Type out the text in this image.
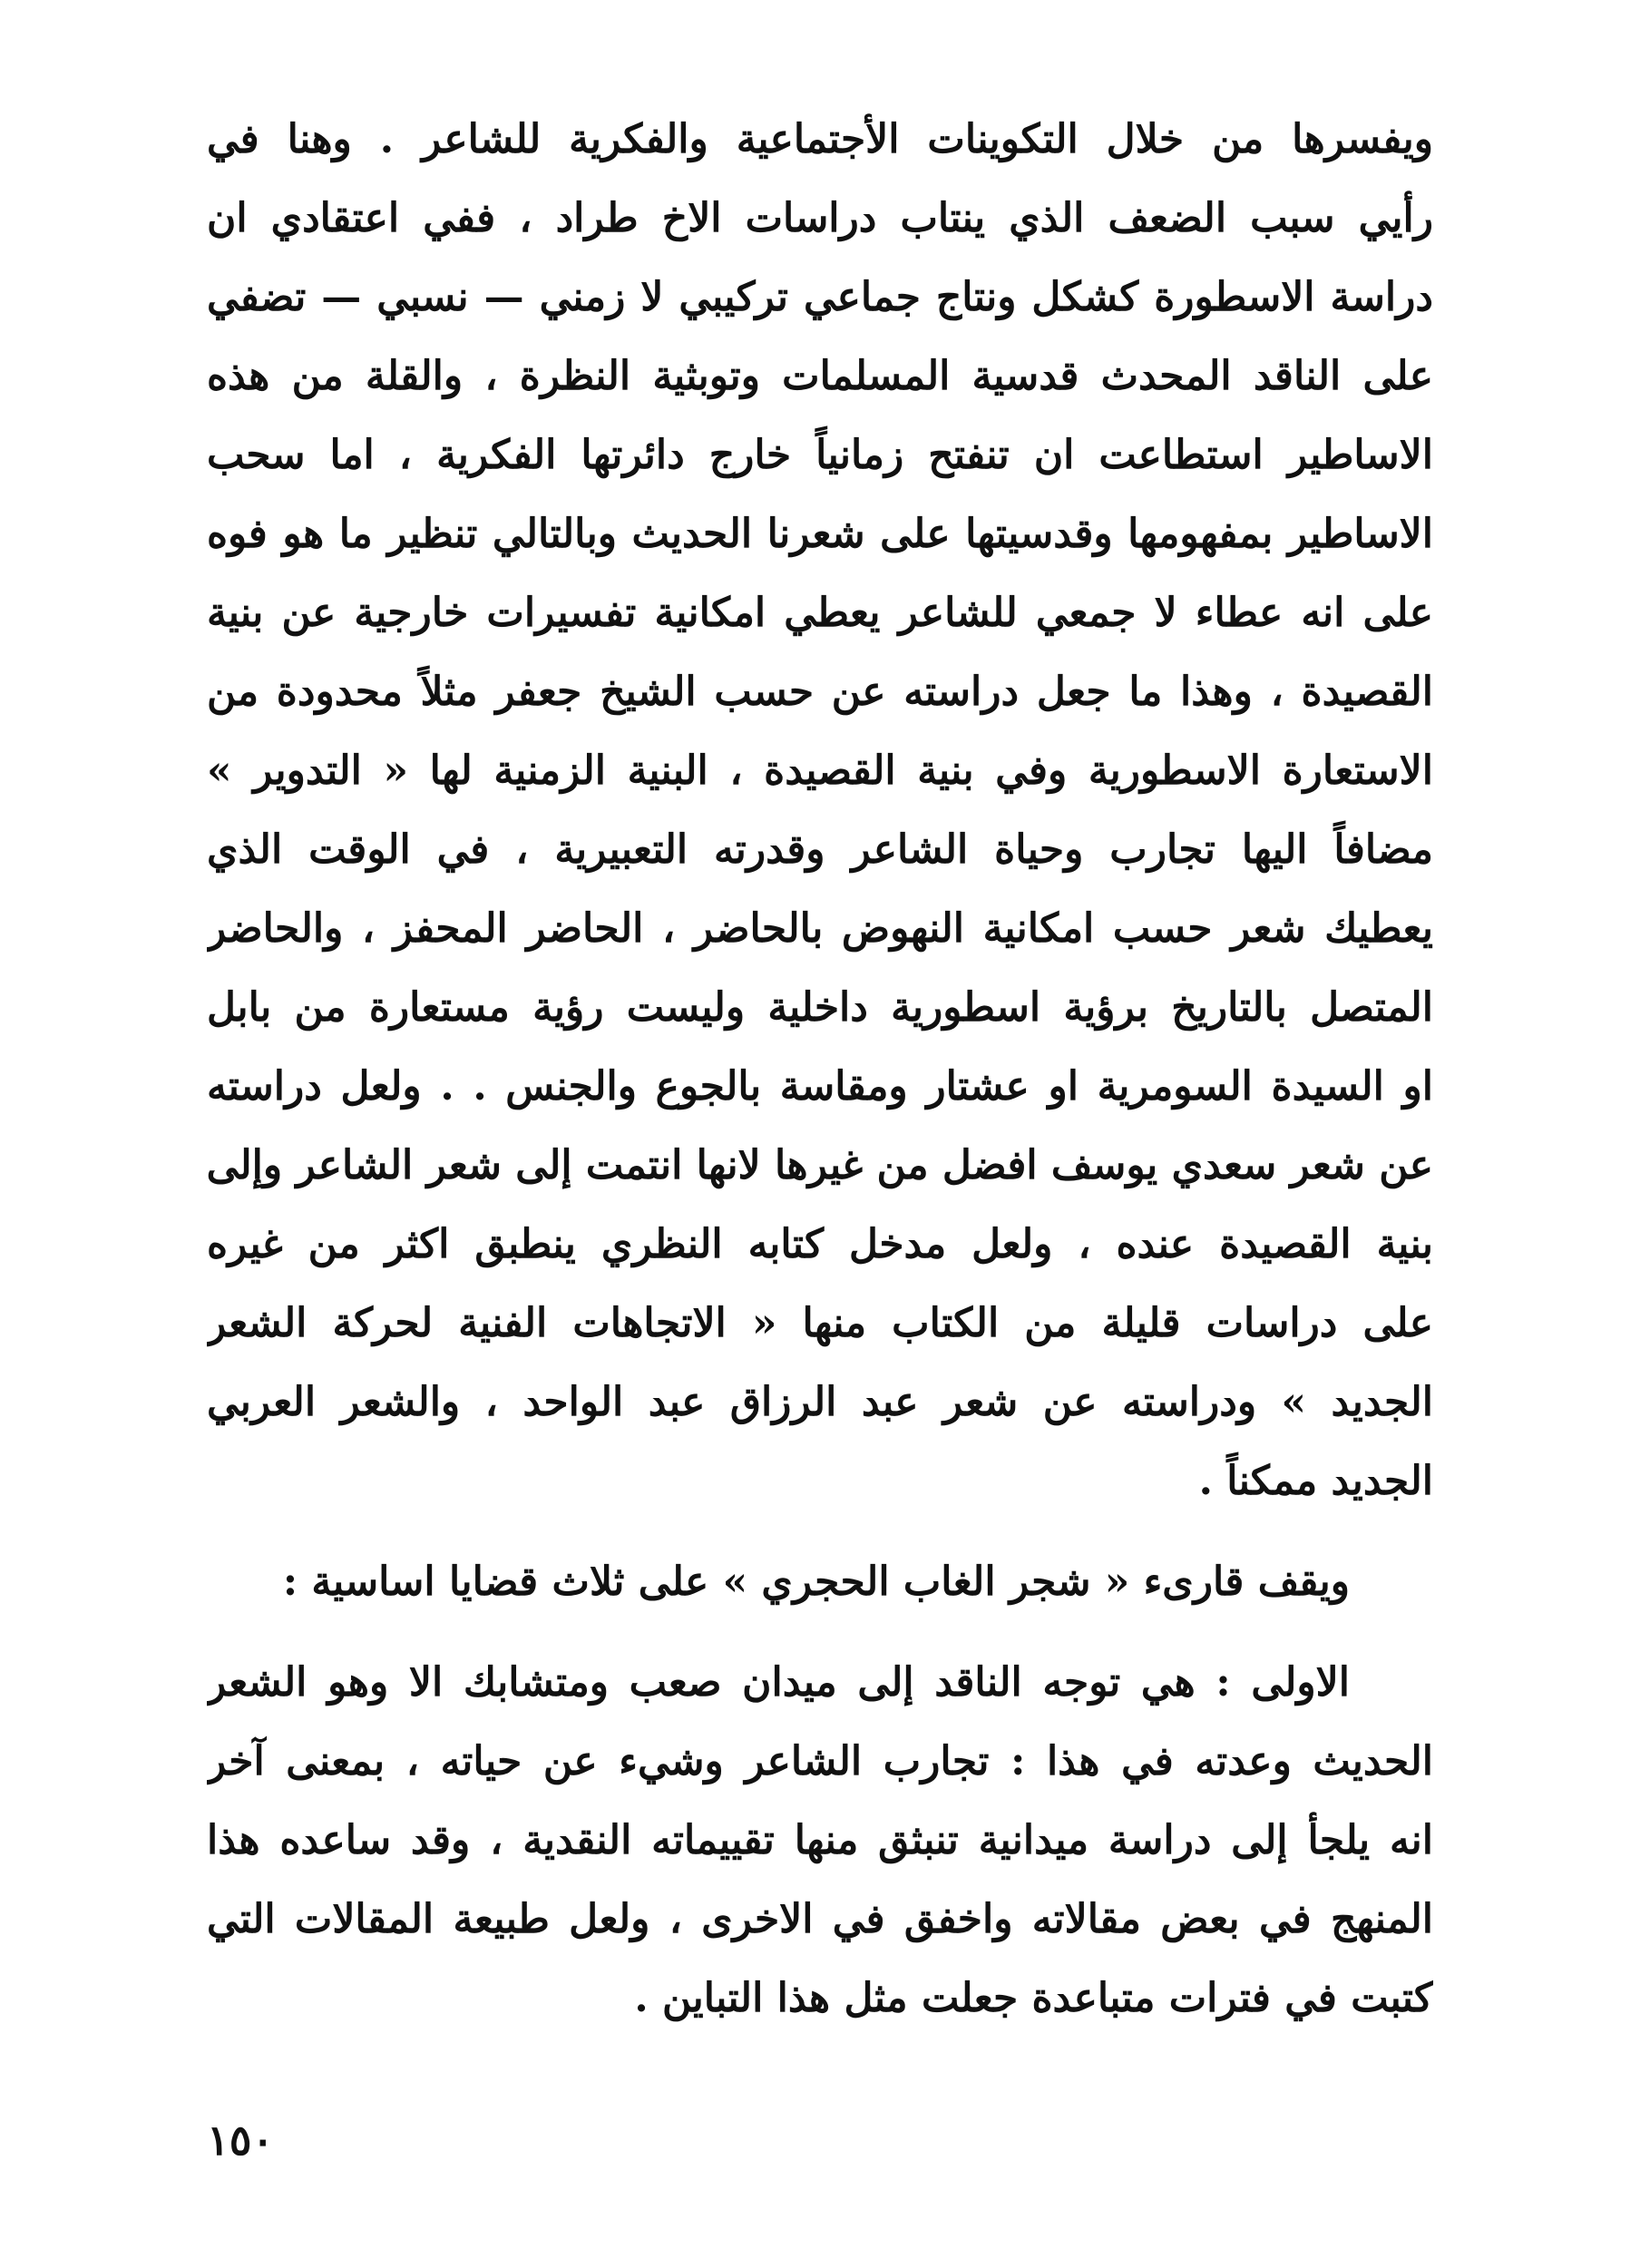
ويفسرها من خلال التكوينات الأجتماعية والفكرية للشاعر . وهنا في
رأيي سبب الضعف الذي ينتاب دراسات الاخ طراد ، ففي اعتقادي ان
دراسة الاسطورة كشكل ونتاج جماعي تركيبي لا زمني — نسبي — تضفي
على الناقد المحدث قدسية المسلمات وتوبثية النظرة ، والقلة من هذه
الاساطير استطاعت ان تنفتح زمانياً خارج دائرتها الفكرية ، اما سحب
الاساطير بمفهومها وقدسيتها على شعرنا الحديث وبالتالي تنظير ما هو فوه
على انه عطاء لا جمعي للشاعر يعطي امكانية تفسيرات خارجية عن بنية
القصيدة ، وهذا ما جعل دراسته عن حسب الشيخ جعفر مثلاً محدودة من
الاستعارة الاسطورية وفي بنية القصيدة ، البنية الزمنية لها « التدوير »
مضافاً اليها تجارب وحياة الشاعر وقدرته التعبيرية ، في الوقت الذي
يعطيك شعر حسب امكانية النهوض بالحاضر ، الحاضر المحفز ، والحاضر
المتصل بالتاريخ برؤية اسطورية داخلية وليست رؤية مستعارة من بابل
او السيدة السومرية او عشتار ومقاسة بالجوع والجنس . . ولعل دراسته
عن شعر سعدي يوسف افضل من غيرها لانها انتمت إلى شعر الشاعر وإلى
بنية القصيدة عنده ، ولعل مدخل كتابه النظري ينطبق اكثر من غيره
على دراسات قليلة من الكتاب منها « الاتجاهات الفنية لحركة الشعر
الجديد » ودراسته عن شعر عبد الرزاق عبد الواحد ، والشعر العربي
الجديد ممكناً .
ويقف قارىء « شجر الغاب الحجري » على ثلاث قضايا اساسية :
الاولى : هي توجه الناقد إلى ميدان صعب ومتشابك الا وهو الشعر
الحديث وعدته في هذا : تجارب الشاعر وشيء عن حياته ، بمعنى آخر
انه يلجأ إلى دراسة ميدانية تنبثق منها تقييماته النقدية ، وقد ساعده هذا
المنهج في بعض مقالاته واخفق في الاخرى ، ولعل طبيعة المقالات التي
كتبت في فترات متباعدة جعلت مثل هذا التباين .
١٥٠
